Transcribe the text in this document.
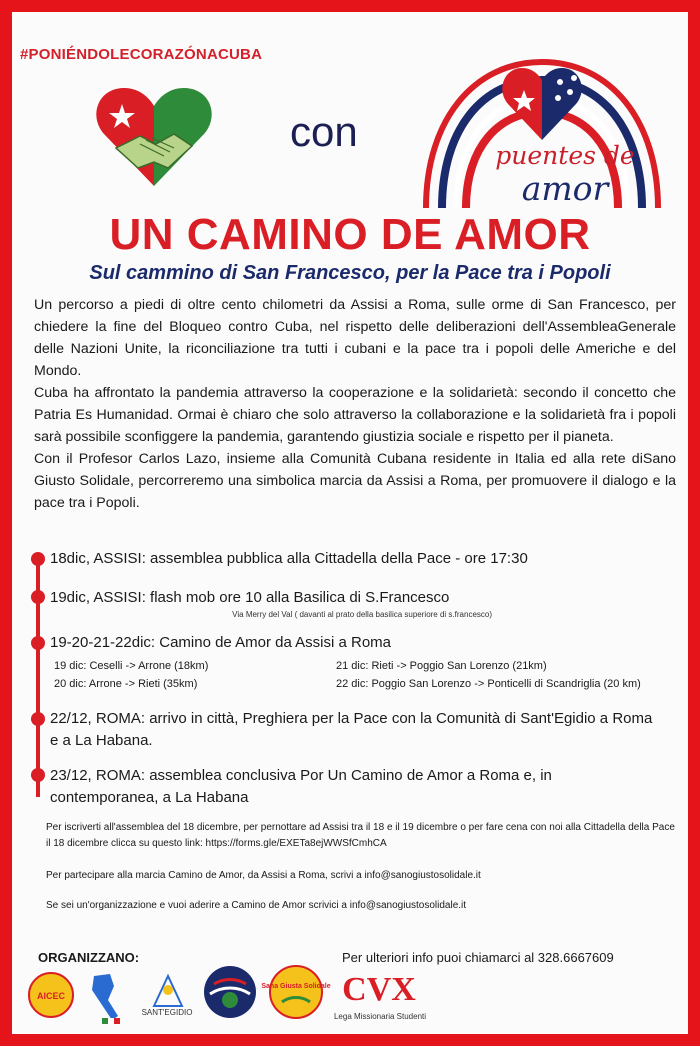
#PONIÉNDOLECORAZÓNACUBA
con
puentes de
amor
UN CAMINO DE AMOR
Sul cammino di San Francesco, per la Pace tra i Popoli

Un percorso a piedi di oltre cento chilometri da Assisi a Roma, sulle orme di San Francesco, per chiedere la fine del Bloqueo contro Cuba, nel rispetto delle deliberazioni dell'AssembleaGenerale delle Nazioni Unite, la riconciliazione tra tutti i cubani e la pace tra i popoli delle Americhe e del Mondo.

Cuba ha affrontato la pandemia attraverso la cooperazione e la solidarietà: secondo il concetto che Patria Es Humanidad. Ormai è chiaro che solo attraverso la collaborazione e la solidarietà fra i popoli sarà possibile sconfiggere la pandemia, garantendo giustizia sociale e rispetto per il pianeta.

Con il Profesor Carlos Lazo, insieme alla Comunità Cubana residente in Italia ed alla rete diSano Giusto Solidale, percorreremo una simbolica marcia da Assisi a Roma, per promuovere il dialogo e la pace tra i Popoli.

18dic, ASSISI: assemblea pubblica alla Cittadella della Pace - ore 17:30
19dic, ASSISI: flash mob ore 10 alla Basilica di S.Francesco
Via Merry del Val ( davanti al prato della basilica superiore di s.francesco)
19-20-21-22dic: Camino de Amor da Assisi a Roma
19 dic: Ceselli -> Arrone (18km)
20 dic: Arrone -> Rieti (35km)
21 dic: Rieti -> Poggio San Lorenzo (21km)
22 dic: Poggio San Lorenzo -> Ponticelli di Scandriglia (20 km)
22/12, ROMA: arrivo in città, Preghiera per la Pace con la Comunità di Sant'Egidio a Roma e a La Habana.
23/12, ROMA: assemblea conclusiva Por Un Camino de Amor a Roma e, in contemporanea, a La Habana
Per iscriverti all'assemblea del 18 dicembre, per pernottare ad Assisi tra il 18 e il 19 dicembre o per fare cena con noi alla Cittadella della Pace il 18 dicembre clicca su questo link: https://forms.gle/EXETa8ejWWSfCmhCA
Per partecipare alla marcia Camino de Amor, da Assisi a Roma, scrivi a info@sanogiustosolidale.it
Se sei un'organizzazione e vuoi aderire a Camino de Amor scrivici a info@sanogiustosolidale.it
ORGANIZZANO:	Per ulteriori info puoi chiamarci al 328.6667609
AICEC
SANT'EGIDIO
Sana Giusta Solidale CVX
Lega Missionaria Studenti
